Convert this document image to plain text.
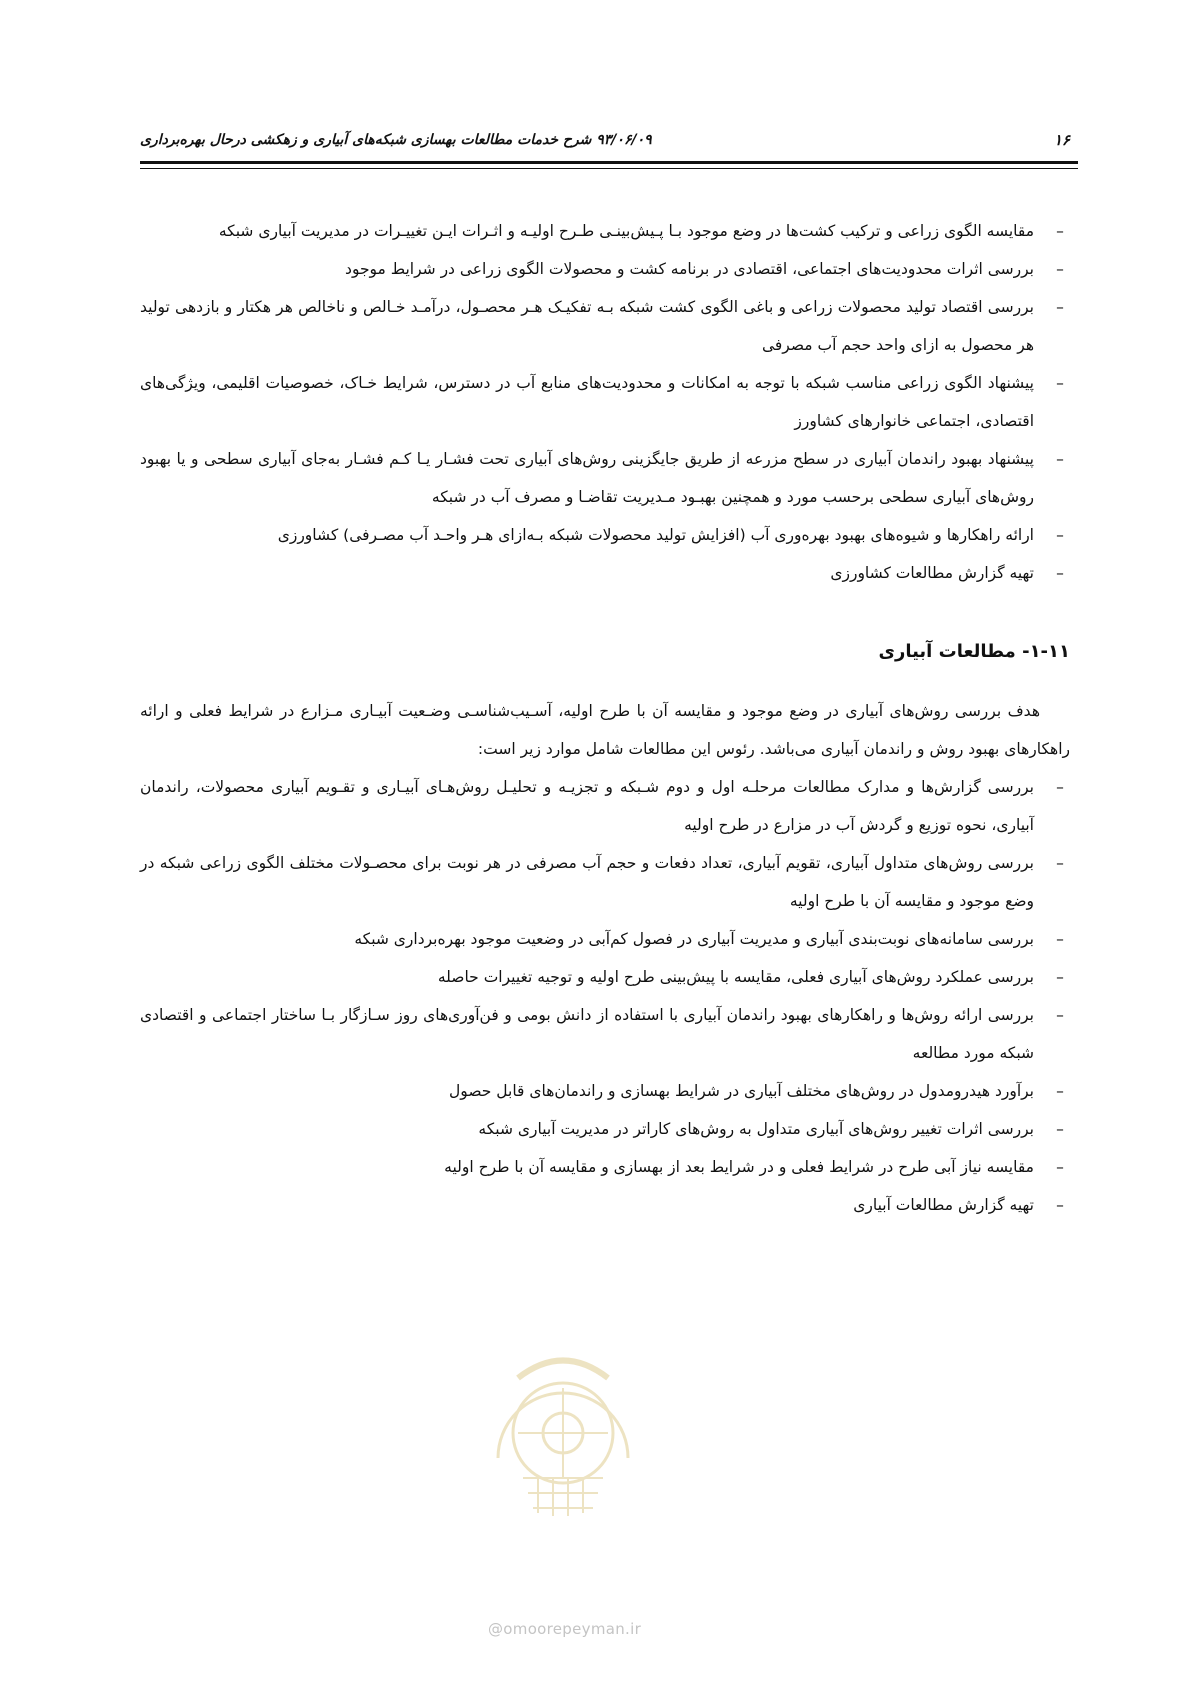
۱۶
۹۳/۰۶/۰۹ شرح خدمات مطالعات بهسازی شبکه‌های آبیاری و زهکشی درحال بهره‌برداری
–
مقایسه الگوی زراعی و ترکیب کشت‌ها در وضع موجود بـا پـیش‌بینـی طـرح اولیـه و اثـرات ایـن تغییـرات در مدیریت آبیاری شبکه
–
بررسی اثرات محدودیت‌های اجتماعی، اقتصادی در برنامه کشت و محصولات الگوی زراعی در شرایط موجود
–
بررسی اقتصاد تولید محصولات زراعی و باغی الگوی کشت شبکه بـه تفکیـک هـر محصـول، درآمـد خـالص و ناخالص هر هکتار و بازدهی تولید هر محصول به ازای واحد حجم آب مصرفی
–
پیشنهاد الگوی زراعی مناسب شبکه با توجه به امکانات و محدودیت‌های منابع آب در دسترس، شرایط خـاک، خصوصیات اقلیمی، ویژگی‌های اقتصادی، اجتماعی خانوارهای کشاورز
–
پیشنهاد بهبود راندمان آبیاری در سطح مزرعه از طریق جایگزینی روش‌های آبیاری تحت فشـار یـا کـم فشـار به‌جای آبیاری سطحی و یا بهبود روش‌های آبیاری سطحی برحسب مورد و همچنین بهبـود مـدیریت تقاضـا و مصرف آب در شبکه
–
ارائه راهکارها و شیوه‌های بهبود بهره‌وری آب (افزایش تولید محصولات شبکه بـه‌ازای هـر واحـد آب مصـرفی) کشاورزی
–
تهیه گزارش مطالعات کشاورزی
۱-۱۱- مطالعات آبیاری

هدف بررسی روش‌های آبیاری در وضع موجود و مقایسه آن با طرح اولیه، آسـیب‌شناسـی وضـعیت آبیـاری مـزارع در شرایط فعلی و ارائه راهکارهای بهبود روش و راندمان آبیاری می‌باشد. رئوس این مطالعات شامل موارد زیر است:

–
بررسی گزارش‌ها و مدارک مطالعات مرحلـه اول و دوم شـبکه و تجزیـه و تحلیـل روش‌هـای آبیـاری و تقـویم آبیاری محصولات، راندمان آبیاری، نحوه توزیع و گردش آب در مزارع در طرح اولیه
–
بررسی روش‌های متداول آبیاری، تقویم آبیاری، تعداد دفعات و حجم آب مصرفی در هر نوبت برای محصـولات مختلف الگوی زراعی شبکه در وضع موجود و مقایسه آن با طرح اولیه
–
بررسی سامانه‌های نوبت‌بندی آبیاری و مدیریت آبیاری در فصول کم‌آبی در وضعیت موجود بهره‌برداری شبکه
–
بررسی عملکرد روش‌های آبیاری فعلی، مقایسه با پیش‌بینی طرح اولیه و توجیه تغییرات حاصله
–
بررسی ارائه روش‌ها و راهکارهای بهبود راندمان آبیاری با استفاده از دانش بومی و فن‌آوری‌های روز سـازگار بـا ساختار اجتماعی و اقتصادی شبکه مورد مطالعه
–
برآورد هیدرومدول در روش‌های مختلف آبیاری در شرایط بهسازی و راندمان‌های قابل حصول
–
بررسی اثرات تغییر روش‌های آبیاری متداول به روش‌های کاراتر در مدیریت آبیاری شبکه
–
مقایسه نیاز آبی طرح در شرایط فعلی و در شرایط بعد از بهسازی و مقایسه آن با طرح اولیه
–
تهیه گزارش مطالعات آبیاری
@omoorepeyman.ir
